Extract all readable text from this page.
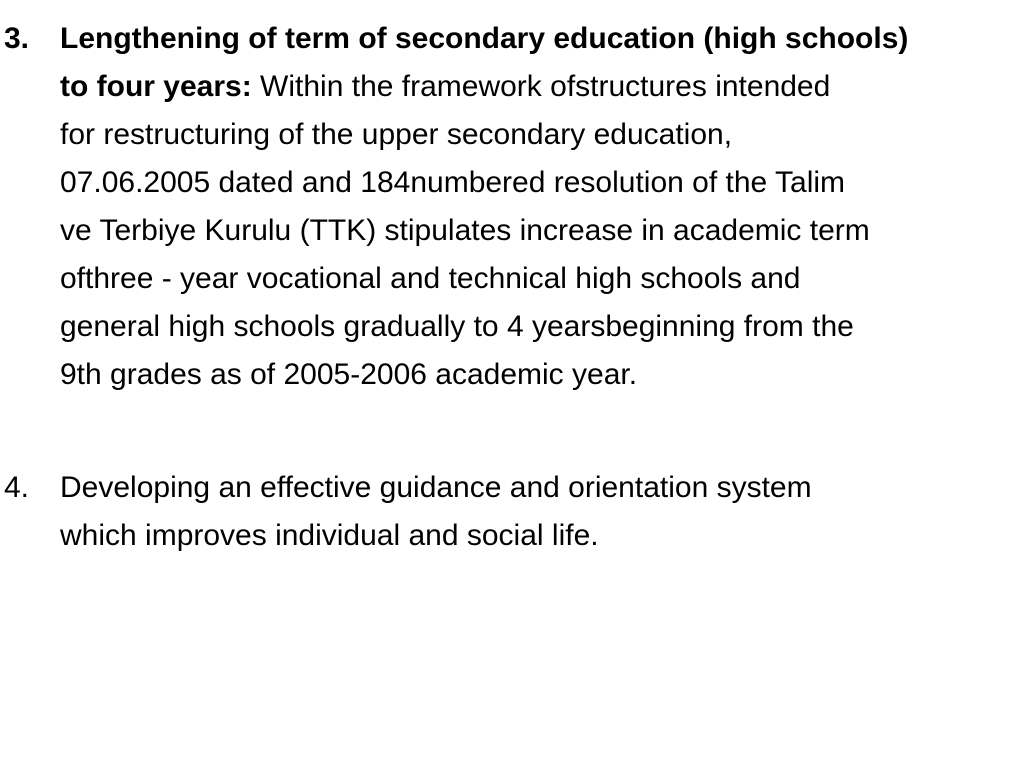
3.	Lengthening of term of secondary education (high schools)
to four years: Within the framework ofstructures intended
for restructuring of the upper secondary education,
07.06.2005 dated and 184numbered resolution of the Talim
ve Terbiye Kurulu (TTK) stipulates increase in academic term
ofthree - year vocational and technical high schools and
general high schools gradually to 4 yearsbeginning from the
9th grades as of 2005-2006 academic year.
4.	Developing an effective guidance and orientation system
which improves individual and social life.
